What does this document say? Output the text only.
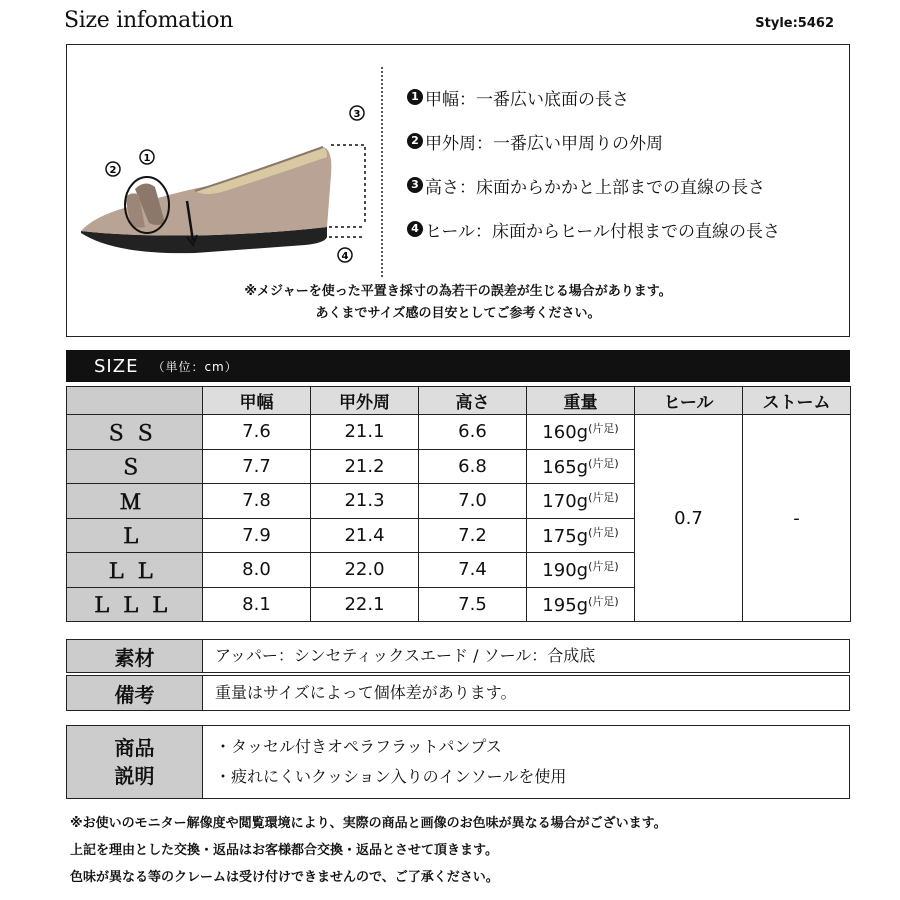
Size infomation	Style:5462
1
2
3
4
1 甲幅：一番広い底面の長さ
2 甲外周：一番広い甲周りの外周
3 高さ：床面からかかと上部までの直線の長さ
4 ヒール：床面からヒール付根までの直線の長さ
※メジャーを使った平置き採寸の為若干の誤差が生じる場合があります。
あくまでサイズ感の目安としてご参考ください。
SIZE （単位：cm）
	甲幅	甲外周	高さ	重量	ヒール	ストーム
ＳＳ	7.6	21.1	6.6	$160g^{(片足)}$	0.7	-
Ｓ	7.7	21.2	6.8	$165g^{(片足)}$
Ｍ	7.8	21.3	7.0	$170g^{(片足)}$
Ｌ	7.9	21.4	7.2	$175g^{(片足)}$
ＬＬ	8.0	22.0	7.4	$190g^{(片足)}$
ＬＬＬ	8.1	22.1	7.5	$195g^{(片足)}$
素材	アッパー：シンセティックスエード / ソール：合成底
備考	重量はサイズによって個体差があります。
商品
説明
・タッセル付きオペラフラットパンプス
・疲れにくいクッション入りのインソールを使用
※お使いのモニター解像度や閲覧環境により、実際の商品と画像のお色味が異なる場合がございます。
上記を理由とした交換・返品はお客様都合交換・返品とさせて頂きます。
色味が異なる等のクレームは受け付けできませんので、ご了承ください。
